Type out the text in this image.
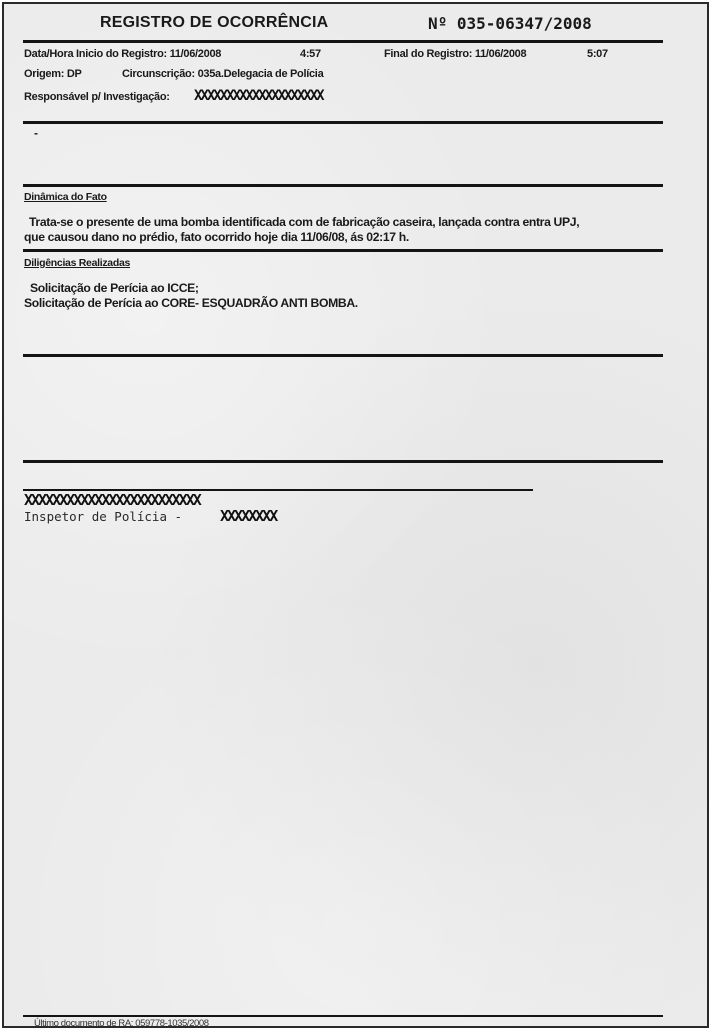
REGISTRO DE OCORRÊNCIA	Nº 035-06347/2008
Data/Hora Inicio do Registro: 11/06/2008	4:57	Final do Registro: 11/06/2008	5:07
Origem: DP	Circunscrição: 035a.Delegacia de Polícia
Responsável p/ Investigação: XXXXXXXXXXXXXXXXXXXX
-
Dinâmica do Fato
Trata-se o presente de uma bomba identificada com de fabricação caseira, lançada contra entra UPJ,
que causou dano no prédio, fato ocorrido hoje dia 11/06/08, ás 02:17 h.
Diligências Realizadas
Solicitação de Perícia ao ICCE;
Solicitação de Perícia ao CORE- ESQUADRÃO ANTI BOMBA.
XXXXXXXXXXXXXXXXXXXXXXXXX
Inspetor de Polícia -	XXXXXXXX
Último documento de RA: 059778-1035/2008
